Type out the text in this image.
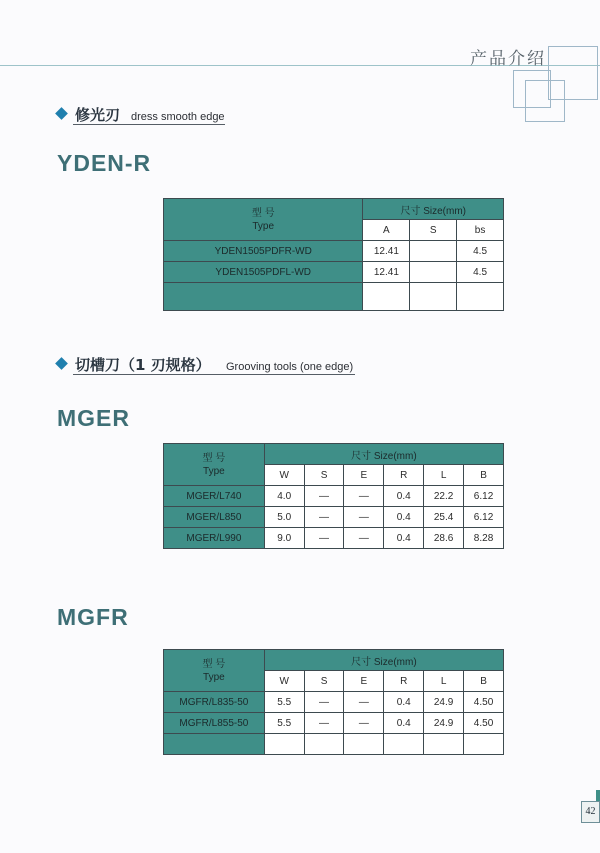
产品介绍
修光刃 dress smooth edge
YDEN-R
型 号
Type	尺寸 Size(mm)		
	A	S	bs
YDEN1505PDFR-WD	12.41		4.5
YDEN1505PDFL-WD	12.41		4.5

切槽刀（1 刃规格） Grooving tools (one edge)
MGER
型 号
Type	尺寸 Size(mm)					
	W	S	E	R	L	B
MGER/L740	4.0	—	—	0.4	22.2	6.12
MGER/L850	5.0	—	—	0.4	25.4	6.12
MGER/L990	9.0	—	—	0.4	28.6	8.28
MGFR
型 号
Type	尺寸 Size(mm)					
	W	S	E	R	L	B
MGFR/L835-50	5.5	—	—	0.4	24.9	4.50
MGFR/L855-50	5.5	—	—	0.4	24.9	4.50

42
